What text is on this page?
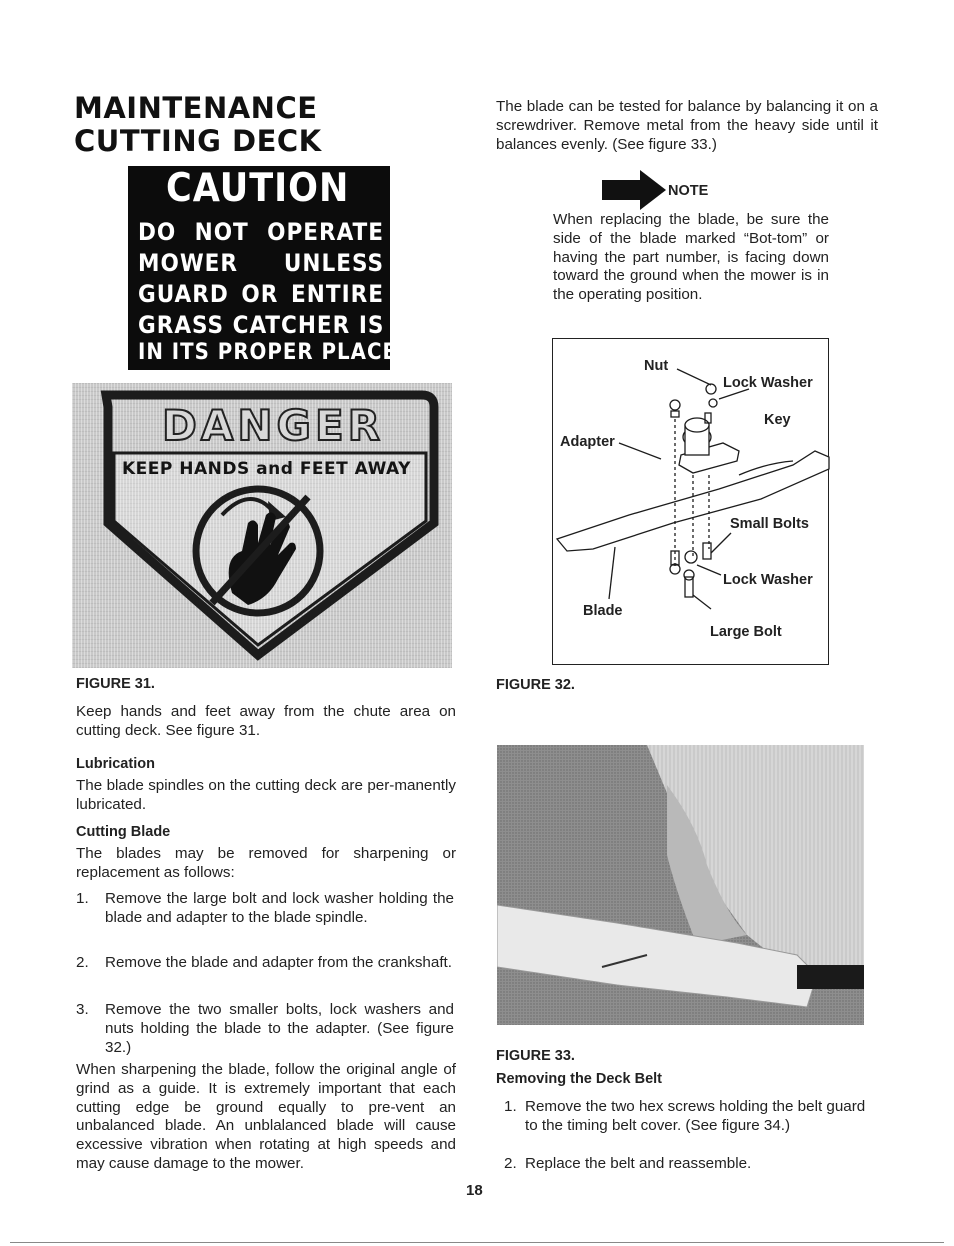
MAINTENANCE CUTTING DECK
CAUTION
DO NOT OPERATE
MOWER UNLESS
GUARD OR ENTIRE
GRASS CATCHER IS
IN ITS PROPER PLACE.
DANGER
KEEP HANDS and FEET AWAY
FIGURE 31.
Keep hands and feet away from the chute area on cutting deck. See figure 31.
Lubrication
The blade spindles on the cutting deck are per-manently lubricated.
Cutting Blade
The blades may be removed for sharpening or replacement as follows:
1. Remove the large bolt and lock washer holding the blade and adapter to the blade spindle.
2. Remove the blade and adapter from the crankshaft.
3. Remove the two smaller bolts, lock washers and nuts holding the blade to the adapter. (See figure 32.)
When sharpening the blade, follow the original angle of grind as a guide. It is extremely important that each cutting edge be ground equally to pre-vent an unbalanced blade. An unblalanced blade will cause excessive vibration when rotating at high speeds and may cause damage to the mower.
The blade can be tested for balance by balancing it on a screwdriver. Remove metal from the heavy side until it balances evenly. (See figure 33.)
NOTE
When replacing the blade, be sure the side of the blade marked “Bot-tom” or having the part number, is facing down toward the ground when the mower is in the operating position.
Nut
Lock Washer
Key
Adapter
Small Bolts
Lock Washer
Blade
Large Bolt
FIGURE 32.
FIGURE 33.
Removing the Deck Belt
1. Remove the two hex screws holding the belt guard to the timing belt cover. (See figure 34.)
2. Replace the belt and reassemble.
18
